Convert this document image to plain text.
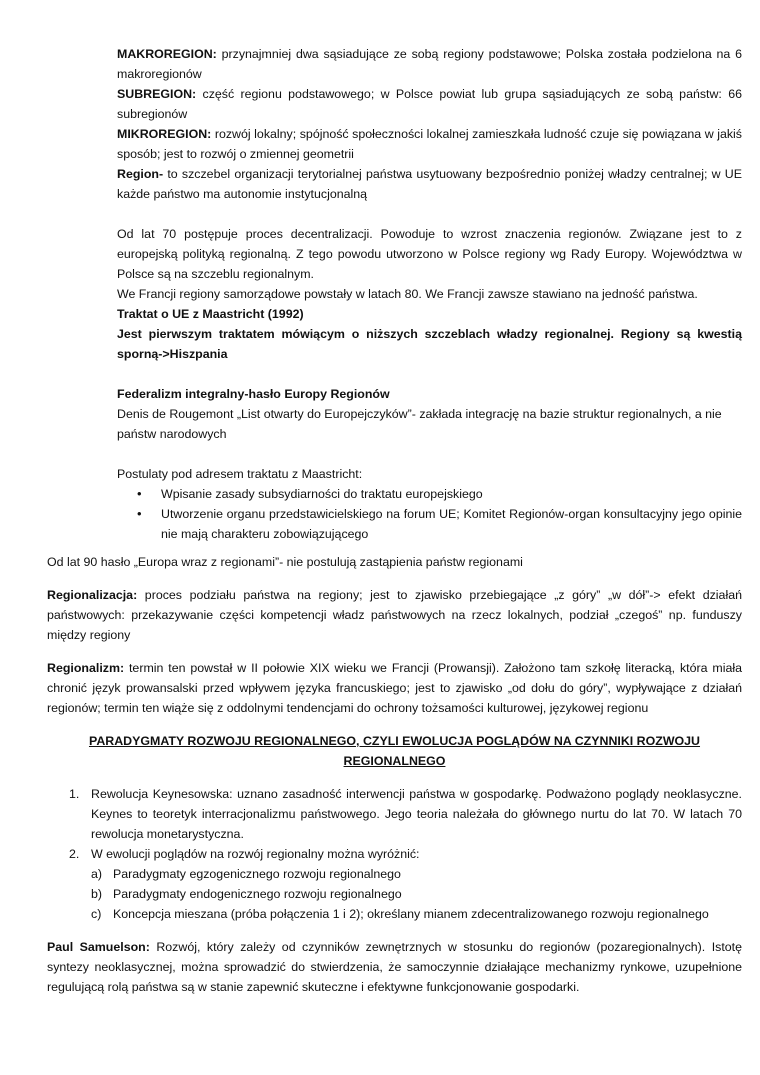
MAKROREGION: przynajmniej dwa sąsiadujące ze sobą regiony podstawowe; Polska została podzielona na 6 makroregionów

SUBREGION: część regionu podstawowego; w Polsce powiat lub grupa sąsiadujących ze sobą państw: 66 subregionów

MIKROREGION: rozwój lokalny; spójność społeczności lokalnej zamieszkała ludność czuje się powiązana w jakiś sposób; jest to rozwój o zmiennej geometrii

Region- to szczebel organizacji terytorialnej państwa usytuowany bezpośrednio poniżej władzy centralnej; w UE każde państwo ma autonomie instytucjonalną

Od lat 70 postępuje proces decentralizacji. Powoduje to wzrost znaczenia regionów. Związane jest to z europejską polityką regionalną. Z tego powodu utworzono w Polsce regiony wg Rady Europy. Województwa w Polsce są na szczeblu regionalnym.

We Francji regiony samorządowe powstały w latach 80. We Francji zawsze stawiano na jedność państwa.

Traktat o UE z Maastricht (1992)

Jest pierwszym traktatem mówiącym o niższych szczeblach władzy regionalnej. Regiony są kwestią sporną->Hiszpania

Federalizm integralny-hasło Europy Regionów

Denis de Rougemont „List otwarty do Europejczyków”- zakłada integrację na bazie struktur regionalnych, a nie państw narodowych

Postulaty pod adresem traktatu z Maastricht:

• Wpisanie zasady subsydiarności do traktatu europejskiego
• Utworzenie organu przedstawicielskiego na forum UE; Komitet Regionów-organ konsultacyjny jego opinie nie mają charakteru zobowiązującego

Od lat 90 hasło „Europa wraz z regionami”- nie postulują zastąpienia państw regionami

Regionalizacja: proces podziału państwa na regiony; jest to zjawisko przebiegające „z góry” „w dół”-> efekt działań państwowych: przekazywanie części kompetencji władz państwowych na rzecz lokalnych, podział „czegoś” np. funduszy między regiony

Regionalizm: termin ten powstał w II połowie XIX wieku we Francji (Prowansji). Założono tam szkołę literacką, która miała chronić język prowansalski przed wpływem języka francuskiego; jest to zjawisko „od dołu do góry”, wypływające z działań regionów; termin ten wiąże się z oddolnymi tendencjami do ochrony tożsamości kulturowej, językowej regionu

PARADYGMATY ROZWOJU REGIONALNEGO, CZYLI EWOLUCJA POGLĄDÓW NA CZYNNIKI ROZWOJU REGIONALNEGO

1. Rewolucja Keynesowska: uznano zasadność interwencji państwa w gospodarkę. Podważono poglądy neoklasyczne. Keynes to teoretyk interracjonalizmu państwowego. Jego teoria należała do głównego nurtu do lat 70. W latach 70 rewolucja monetarystyczna.
2. W ewolucji poglądów na rozwój regionalny można wyróżnić:
a) Paradygmaty egzogenicznego rozwoju regionalnego
b) Paradygmaty endogenicznego rozwoju regionalnego
c) Koncepcja mieszana (próba połączenia 1 i 2); określany mianem zdecentralizowanego rozwoju regionalnego

Paul Samuelson: Rozwój, który zależy od czynników zewnętrznych w stosunku do regionów (pozaregionalnych). Istotę syntezy neoklasycznej, można sprowadzić do stwierdzenia, że samoczynnie działające mechanizmy rynkowe, uzupełnione regulującą rolą państwa są w stanie zapewnić skuteczne i efektywne funkcjonowanie gospodarki.
